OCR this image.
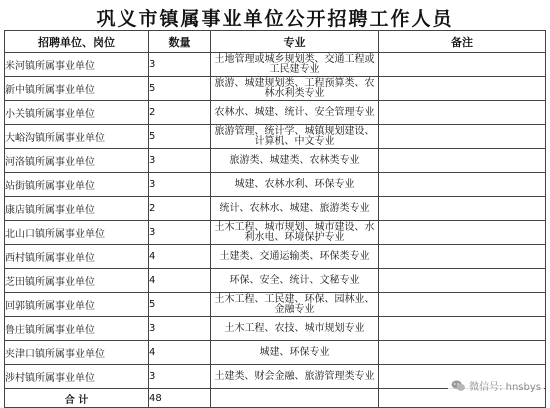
巩义市镇属事业单位公开招聘工作人员
招聘单位、岗位	数量	专业	备注
米河镇所属事业单位	3	土地管理或城乡规划类、交通工程或工民建专业	
新中镇所属事业单位	5	旅游、城建规划类、工程预算类、农林水利类专业	
小关镇所属事业单位	2	农林水、城建、统计、安全管理专业	
大峪沟镇所属事业单位	5	旅游管理、统计学、城镇规划建设、计算机、中文专业	
河洛镇所属事业单位	3	旅游类、城建类、农林类专业	
站街镇所属事业单位	3	城建、农林水利、环保专业	
康店镇所属事业单位	2	统计、农林水、城建、旅游类专业	
北山口镇所属事业单位	3	土木工程、城市规划、城市建设、水利水电、环境保护专业	
西村镇所属事业单位	4	土建类、交通运输类、环保类专业	
芝田镇所属事业单位	4	环保、安全、统计、文秘专业	
回郭镇所属事业单位	5	土木工程、工民建、环保、园林业、金融专业	
鲁庄镇所属事业单位	3	土木工程、农技、城市规划专业	
夹津口镇所属事业单位	4	城建、环保专业	
涉村镇所属事业单位	3	土建类、财会金融、旅游管理类专业	
合 计	48		
微信号: hnsbys
